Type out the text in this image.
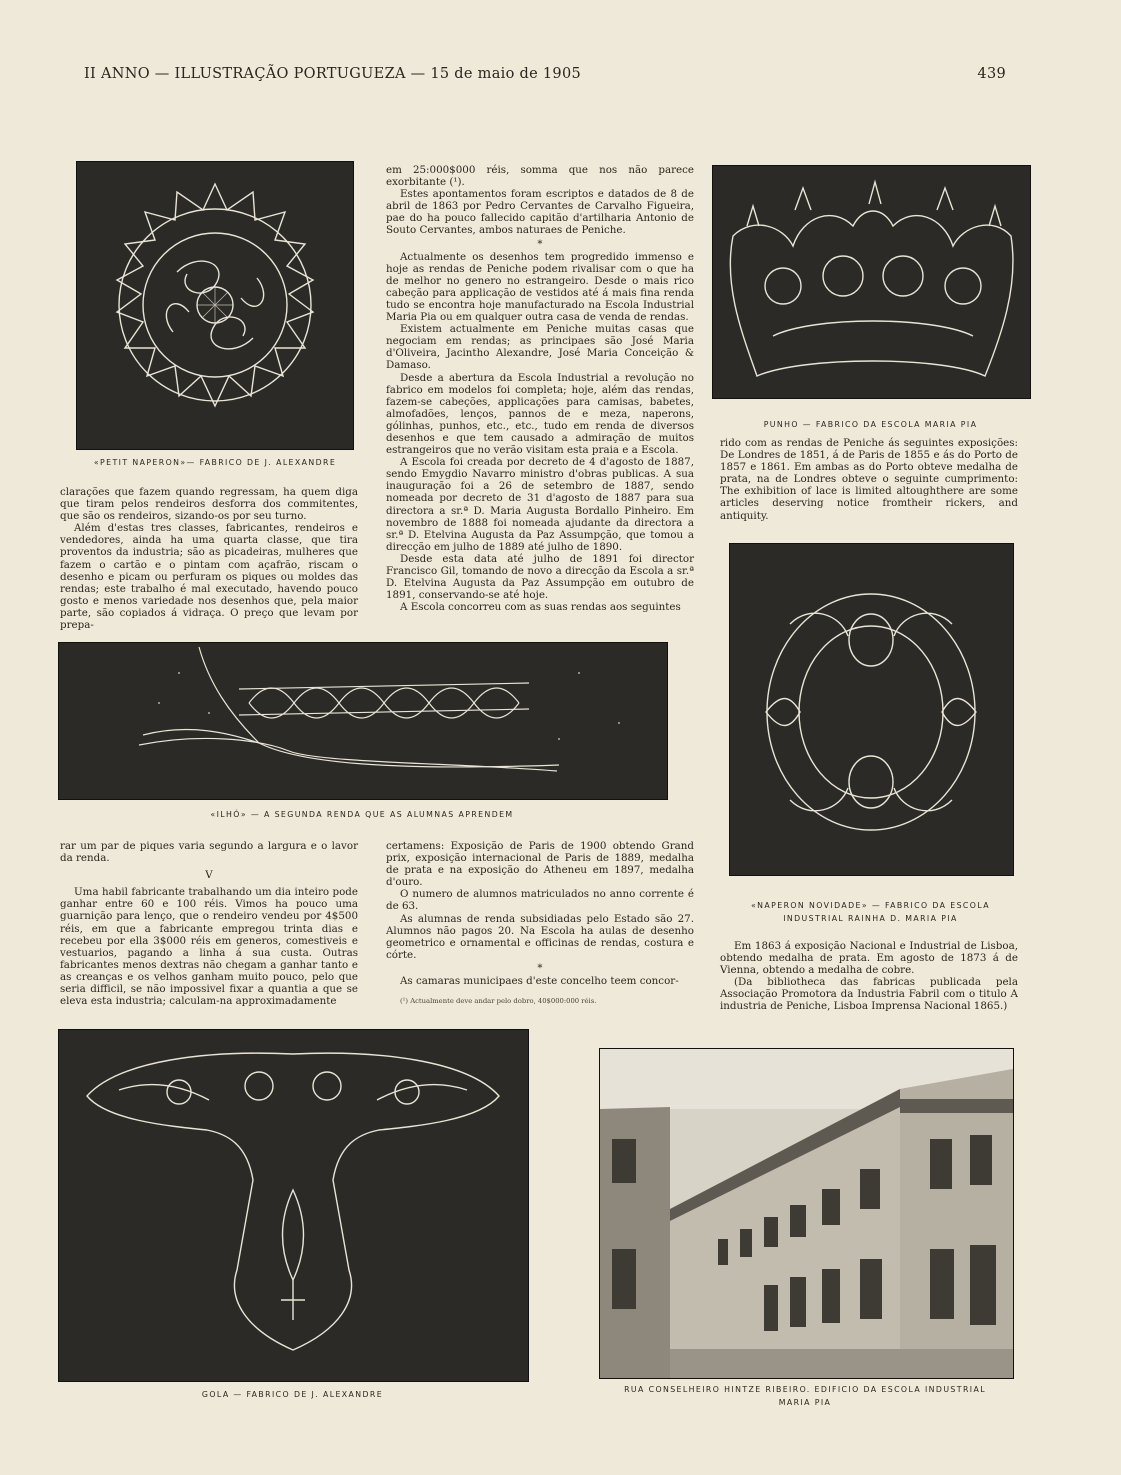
II ANNO — ILLUSTRAÇÃO PORTUGUEZA — 15 de maio de 1905	439
«PETIT NAPERON»— FABRICO DE J. ALEXANDRE
PUNHO — FABRICO DA ESCOLA MARIA PIA

clarações que fazem quando regressam, ha quem diga que tiram pelos rendeiros desforra dos commitentes, que são os rendeiros, sizando-os por seu turno.

Além d'estas tres classes, fabricantes, rendeiros e vendedores, ainda ha uma quarta classe, que tira proventos da industria; são as picadeiras, mulheres que fazem o cartão e o pintam com açafrão, riscam o desenho e picam ou perfuram os piques ou moldes das rendas; este trabalho é mal executado, havendo pouco gosto e menos variedade nos desenhos que, pela maior parte, são copiados á vidraça. O preço que levam por prepa-

em 25:000$000 réis, somma que nos não parece exorbitante (¹).

Estes apontamentos foram escriptos e datados de 8 de abril de 1863 por Pedro Cervantes de Carvalho Figueira, pae do ha pouco fallecido capitão d'artilharia Antonio de Souto Cervantes, ambos naturaes de Peniche.

*

Actualmente os desenhos tem progredido immenso e hoje as rendas de Peniche podem rivalisar com o que ha de melhor no genero no estrangeiro. Desde o mais rico cabeção para applicação de vestidos até á mais fina renda tudo se encontra hoje manufacturado na Escola Industrial Maria Pia ou em qualquer outra casa de venda de rendas.

Existem actualmente em Peniche muitas casas que negociam em rendas; as principaes são José Maria d'Oliveira, Jacintho Alexandre, José Maria Conceição & Damaso.

Desde a abertura da Escola Industrial a revolução no fabrico em modelos foi completa; hoje, além das rendas, fazem-se cabeções, applicações para camisas, babetes, almofadões, lenços, pannos de e meza, naperons, gólinhas, punhos, etc., etc., tudo em renda de diversos desenhos e que tem causado a admiração de muitos estrangeiros que no verão visitam esta praia e a Escola.

A Escola foi creada por decreto de 4 d'agosto de 1887, sendo Emygdio Navarro ministro d'obras publicas. A sua inauguração foi a 26 de setembro de 1887, sendo nomeada por decreto de 31 d'agosto de 1887 para sua directora a sr.ª D. Maria Augusta Bordallo Pinheiro. Em novembro de 1888 foi nomeada ajudante da directora a sr.ª D. Etelvina Augusta da Paz Assumpção, que tomou a direcção em julho de 1889 até julho de 1890.

Desde esta data até julho de 1891 foi director Francisco Gil, tomando de novo a direcção da Escola a sr.ª D. Etelvina Augusta da Paz Assumpção em outubro de 1891, conservando-se até hoje.

A Escola concorreu com as suas rendas aos seguintes

rido com as rendas de Peniche ás seguintes exposições: De Londres de 1851, á de Paris de 1855 e ás do Porto de 1857 e 1861. Em ambas as do Porto obteve medalha de prata, na de Londres obteve o seguinte cumprimento: The exhibition of lace is limited altoughthere are some articles deserving notice fromtheir rickers, and antiquity.

«ILHÓ» — A SEGUNDA RENDA QUE AS ALUMNAS APRENDEM
«NAPERON NOVIDADE» — FABRICO DA ESCOLA
INDUSTRIAL RAINHA D. MARIA PIA

rar um par de piques varia segundo a largura e o lavor da renda.

V

Uma habil fabricante trabalhando um dia inteiro pode ganhar entre 60 e 100 réis. Vimos ha pouco uma guarnição para lenço, que o rendeiro vendeu por 4$500 réis, em que a fabricante empregou trinta dias e recebeu por ella 3$000 réis em generos, comestiveis e vestuarios, pagando a linha á sua custa. Outras fabricantes menos dextras não chegam a ganhar tanto e as creanças e os velhos ganham muito pouco, pelo que seria difficil, se não impossivel fixar a quantia a que se eleva esta industria; calculam-na approximadamente

certamens: Exposição de Paris de 1900 obtendo Grand prix, exposição internacional de Paris de 1889, medalha de prata e na exposição do Atheneu em 1897, medalha d'ouro.

O numero de alumnos matriculados no anno corrente é de 63.

As alumnas de renda subsidiadas pelo Estado são 27. Alumnos não pagos 20. Na Escola ha aulas de desenho geometrico e ornamental e officinas de rendas, costura e córte.

*

As camaras municipaes d'este concelho teem concor-

(¹) Actualmente deve andar pelo dobro, 40$000:000 réis.

Em 1863 á exposição Nacional e Industrial de Lisboa, obtendo medalha de prata. Em agosto de 1873 á de Vienna, obtendo a medalha de cobre.

(Da bibliotheca das fabricas publicada pela Associação Promotora da Industria Fabril com o titulo A industria de Peniche, Lisboa Imprensa Nacional 1865.)

GOLA — FABRICO DE J. ALEXANDRE
RUA CONSELHEIRO HINTZE RIBEIRO. EDIFICIO DA ESCOLA INDUSTRIAL
MARIA PIA
